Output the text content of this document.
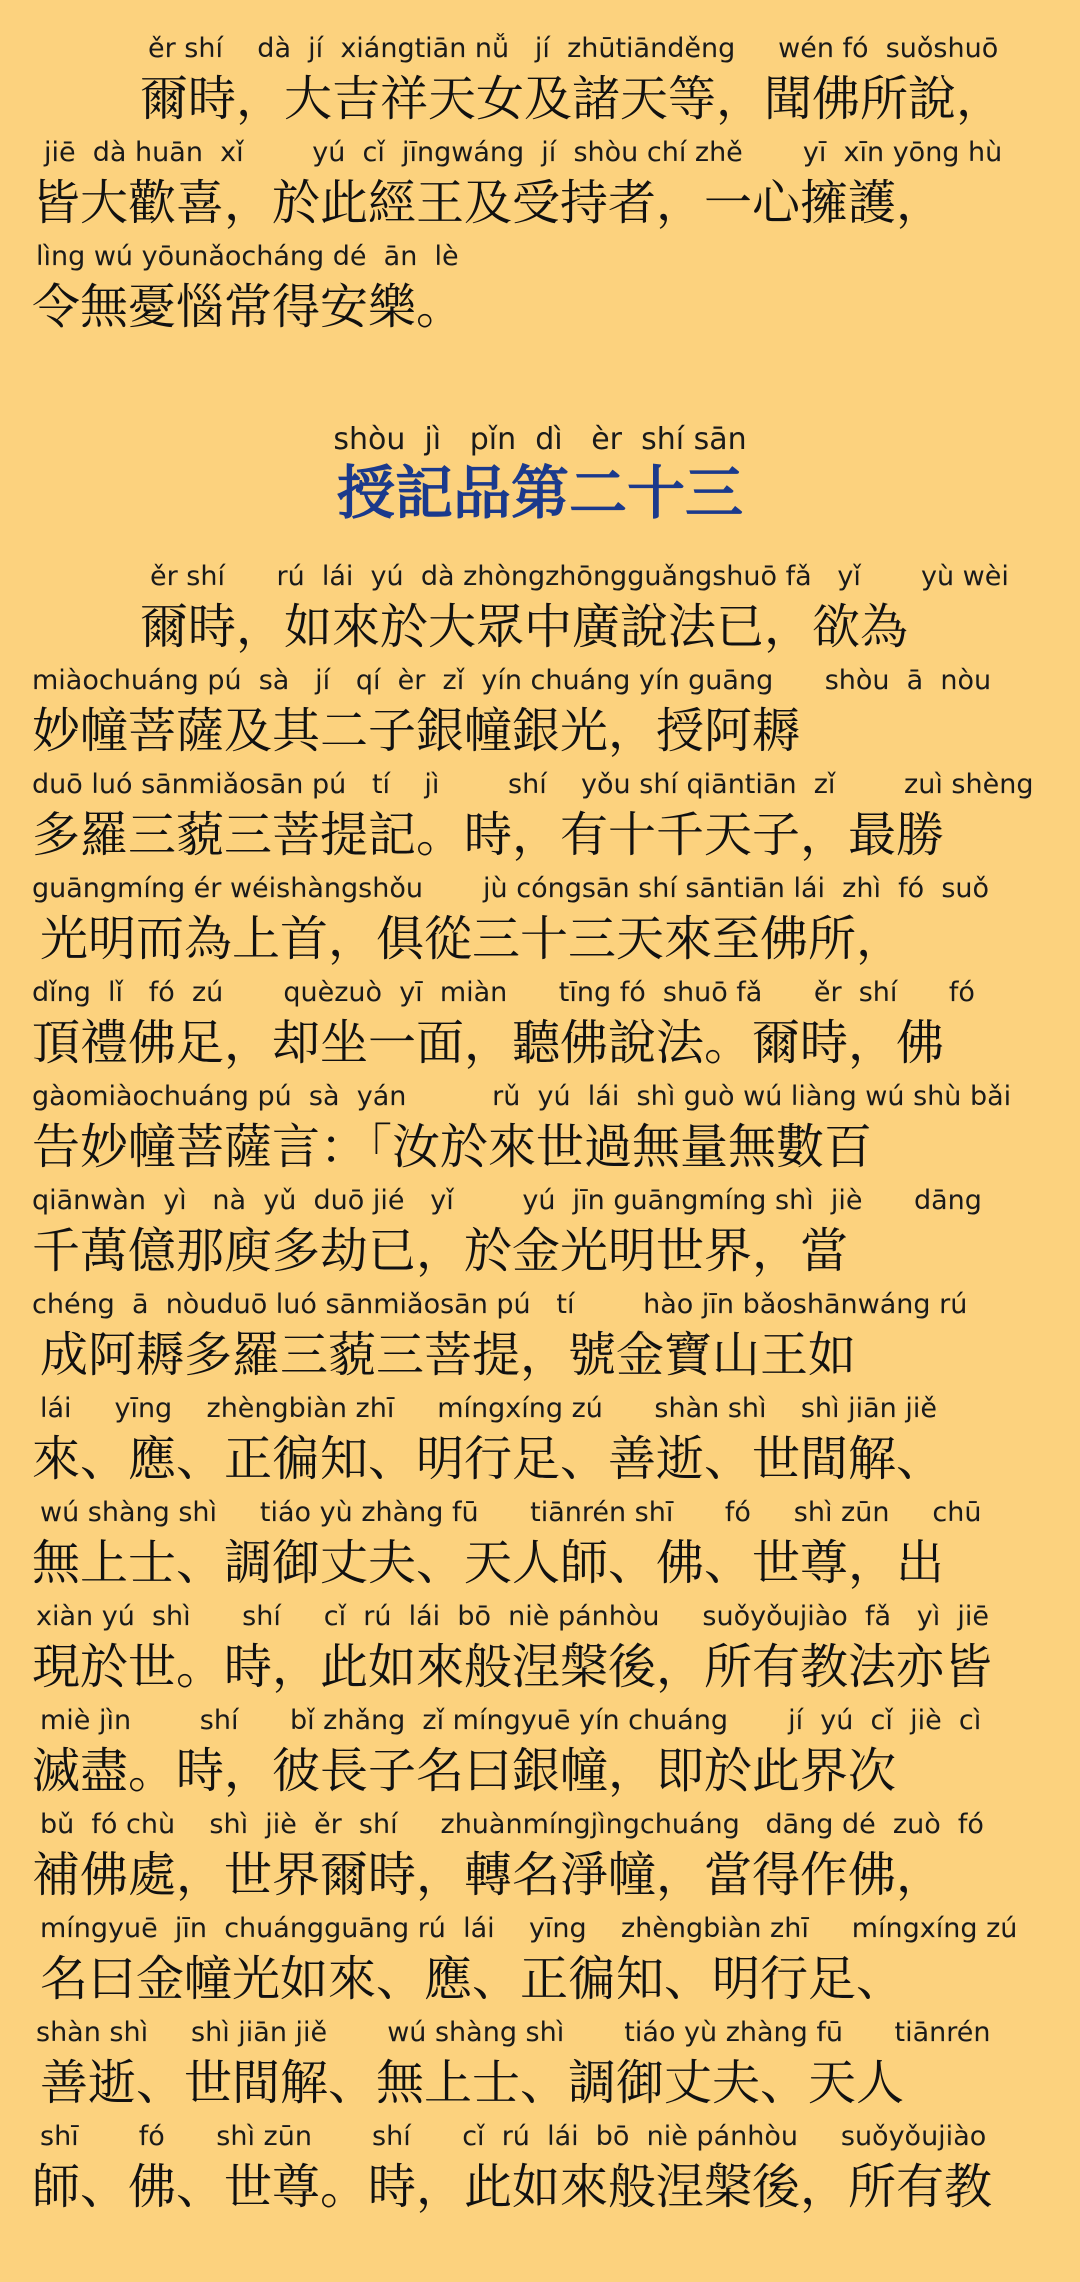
ěr shí    dà  jí  xiángtiān nǚ   jí  zhūtiānděng     wén fó  suǒshuō
爾時，大吉祥天女及諸天等，聞佛所說，
jiē  dà huān  xǐ        yú  cǐ  jīngwáng  jí  shòu chí zhě       yī  xīn yōng hù
皆大歡喜，於此經王及受持者，一心擁護，
lìng wú yōunǎocháng dé  ān  lè
令無憂惱常得安樂。
shòu  jì   pǐn  dì   èr  shí sān
授記品第二十三
ěr shí      rú  lái  yú  dà zhòngzhōngguǎngshuō fǎ   yǐ       yù wèi
爾時，如來於大眾中廣說法已，欲為
miàochuáng pú  sà   jí   qí  èr  zǐ  yín chuáng yín guāng      shòu  ā  nòu
妙幢菩薩及其二子銀幢銀光，授阿耨
duō luó sānmiǎosān pú   tí    jì        shí    yǒu shí qiāntiān  zǐ        zuì shèng
多羅三藐三菩提記。時，有十千天子，最勝
guāngmíng ér wéishàngshǒu       jù cóngsān shí sāntiān lái  zhì  fó  suǒ
光明而為上首，俱從三十三天來至佛所，
dǐng  lǐ   fó  zú       quèzuò  yī  miàn      tīng fó  shuō fǎ      ěr  shí      fó
頂禮佛足，却坐一面，聽佛說法。爾時，佛
gàomiàochuáng pú  sà  yán          rǔ  yú  lái  shì guò wú liàng wú shù bǎi
告妙幢菩薩言：「汝於來世過無量無數百
qiānwàn  yì   nà  yǔ  duō jié   yǐ        yú  jīn guāngmíng shì  jiè      dāng
千萬億那庾多劫已，於金光明世界，當
chéng  ā  nòuduō luó sānmiǎosān pú   tí        hào jīn bǎoshānwáng rú
成阿耨多羅三藐三菩提，號金寶山王如
lái     yīng    zhèngbiàn zhī     míngxíng zú      shàn shì    shì jiān jiě
來、應、正徧知、明行足、善逝、世間解、
wú shàng shì     tiáo yù zhàng fū      tiānrén shī      fó     shì zūn     chū
無上士、調御丈夫、天人師、佛、世尊，出
xiàn yú  shì      shí     cǐ  rú  lái  bō  niè pánhòu     suǒyǒujiào  fǎ   yì  jiē
現於世。時，此如來般涅槃後，所有教法亦皆
miè jìn        shí      bǐ zhǎng  zǐ míngyuē yín chuáng       jí  yú  cǐ  jiè  cì
滅盡。時，彼長子名曰銀幢，即於此界次
bǔ  fó chù    shì  jiè  ěr  shí     zhuànmíngjìngchuáng   dāng dé  zuò  fó
補佛處，世界爾時，轉名淨幢，當得作佛，
míngyuē  jīn  chuángguāng rú  lái    yīng    zhèngbiàn zhī     míngxíng zú
名曰金幢光如來、應、正徧知、明行足、
shàn shì     shì jiān jiě       wú shàng shì       tiáo yù zhàng fū      tiānrén
善逝、世間解、無上士、調御丈夫、天人
shī       fó      shì zūn       shí      cǐ  rú  lái  bō  niè pánhòu     suǒyǒujiào
師、佛、世尊。時，此如來般涅槃後，所有教
